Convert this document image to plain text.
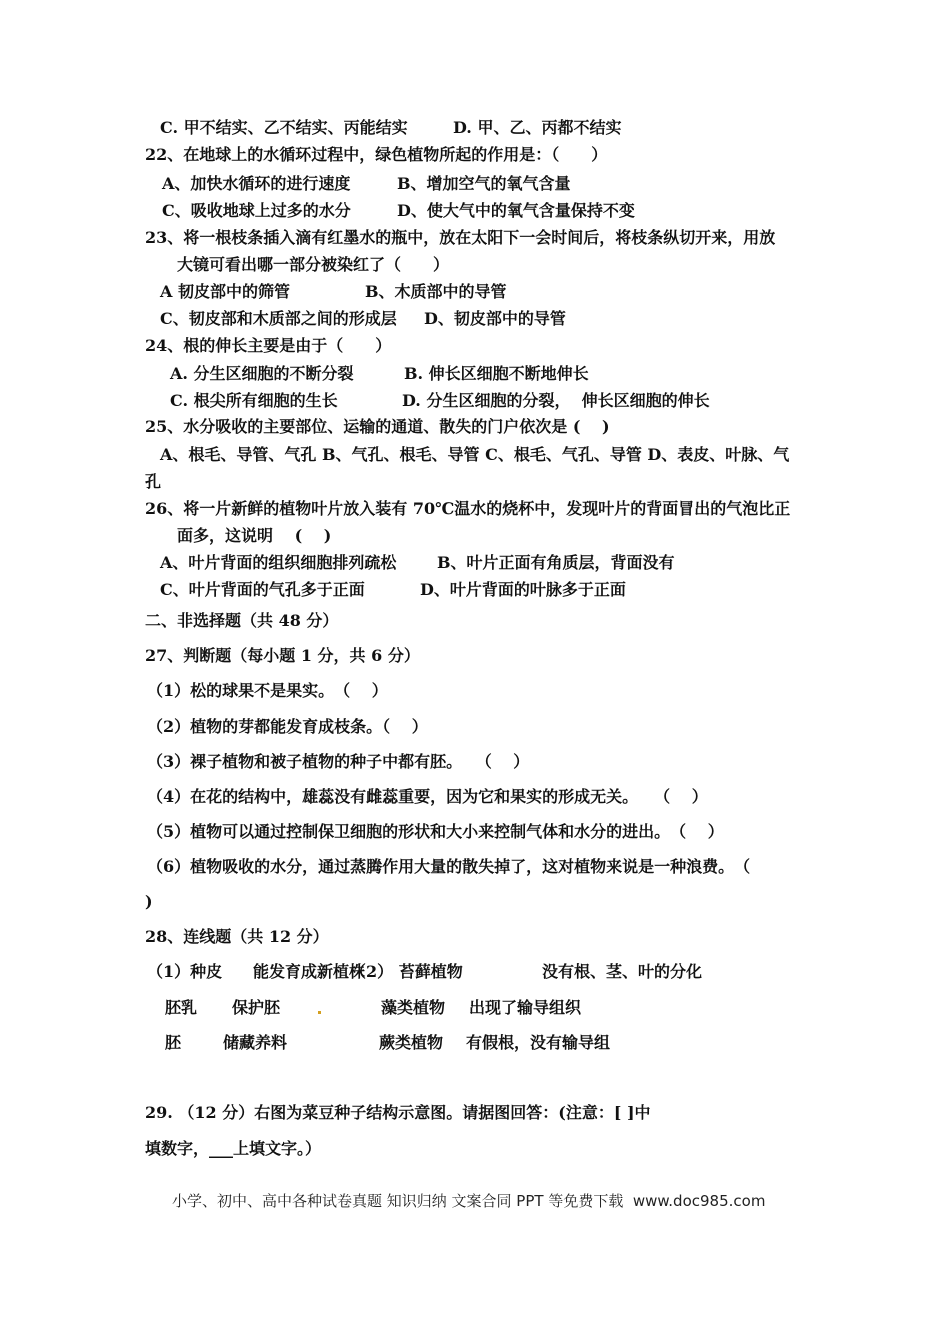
C. 甲不结实、乙不结实、丙能结实	D. 甲、乙、丙都不结实
22、在地球上的水循环过程中，绿色植物所起的作用是：（　　）
A、加快水循环的进行速度	B、增加空气的氧气含量
C、吸收地球上过多的水分	D、使大气中的氧气含量保持不变
23、将一根枝条插入滴有红墨水的瓶中，放在太阳下一会时间后，将枝条纵切开来，用放
大镜可看出哪一部分被染红了（　　）
A 韧皮部中的筛管	B、木质部中的导管
C、韧皮部和木质部之间的形成层 D、韧皮部中的导管
24、根的伸长主要是由于（　　）
A. 分生区细胞的不断分裂	B. 伸长区细胞不断地伸长
C. 根尖所有细胞的生长	D. 分生区细胞的分裂，  伸长区细胞的伸长
25、水分吸收的主要部位、运输的通道、散失的门户依次是 (　 )
A、根毛、导管、气孔 B、气孔、根毛、导管 C、根毛、气孔、导管 D、表皮、叶脉、气
孔
26、将一片新鲜的植物叶片放入装有 70℃温水的烧杯中，发现叶片的背面冒出的气泡比正
面多，这说明　 (　 )
A、叶片背面的组织细胞排列疏松	B、叶片正面有角质层，背面没有
C、叶片背面的气孔多于正面	D、叶片背面的叶脉多于正面
二、非选择题（共 48 分）
27、判断题（每小题 1 分，共 6 分）
（1）松的球果不是果实。　（　 ）
（2）植物的芽都能发育成枝条。（　 ）
（3）裸子植物和被子植物的种子中都有胚。　 （　 ）
（4）在花的结构中，雄蕊没有雌蕊重要，因为它和果实的形成无关。　　（　 ）
（5）植物可以通过控制保卫细胞的形状和大小来控制气体和水分的进出。　（　 ）
（6）植物吸收的水分，通过蒸腾作用大量的散失掉了，这对植物来说是一种浪费。　（
)
28、连线题（共 12 分）
（1）种皮 能发育成新植株
胚乳 保护胚
胚	储藏养料
（2） 苔藓植物	没有根、茎、叶的分化
藻类植物 出现了输导组织
蕨类植物 有假根，没有输导组
29. （12 分）右图为菜豆种子结构示意图。请据图回答：(注意：[ ]中
填数字，___上填文字。）
小学、初中、高中各种试卷真题 知识归纳 文案合同 PPT 等免费下载  www.doc985.com
